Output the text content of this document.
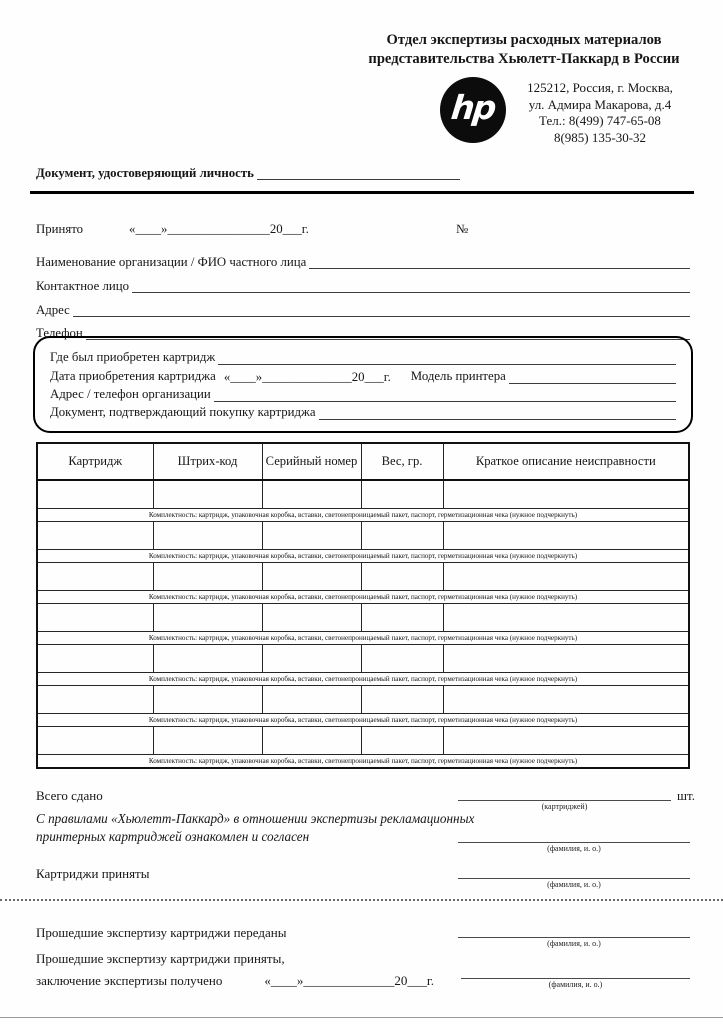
Отдел экспертизы расходных материалов
представительства Хьюлетт-Паккард в России
hp	125212, Россия, г. Москва,
ул. Адмира Макарова, д.4
Тел.: 8(499) 747-65-08
8(985) 135-30-32
Документ, удостоверяющий личность
Принято	«____»________________20___г.	№
Наименование организации / ФИО частного лица
Контактное лицо
Адрес
Телефон
Где был приобретен картридж
Дата приобретения картриджа «____»______________20___г. Модель принтера
Адрес / телефон организации
Документ, подтверждающий покупку картриджа
Картридж	Штрих-код	Серийный номер	Вес, гр.	Краткое описание неисправности

Комплектность: картридж, упаковочная коробка, вставки, светонепроницаемый пакет, паспорт, герметизационная чека (нужное подчеркнуть)				

Комплектность: картридж, упаковочная коробка, вставки, светонепроницаемый пакет, паспорт, герметизационная чека (нужное подчеркнуть)				

Комплектность: картридж, упаковочная коробка, вставки, светонепроницаемый пакет, паспорт, герметизационная чека (нужное подчеркнуть)				

Комплектность: картридж, упаковочная коробка, вставки, светонепроницаемый пакет, паспорт, герметизационная чека (нужное подчеркнуть)				

Комплектность: картридж, упаковочная коробка, вставки, светонепроницаемый пакет, паспорт, герметизационная чека (нужное подчеркнуть)				

Комплектность: картридж, упаковочная коробка, вставки, светонепроницаемый пакет, паспорт, герметизационная чека (нужное подчеркнуть)				

Комплектность: картридж, упаковочная коробка, вставки, светонепроницаемый пакет, паспорт, герметизационная чека (нужное подчеркнуть)				
Всего сдано
(картриджей)
шт.
С правилами «Хьюлетт-Паккард» в отношении экспертизы рекламационных
принтерных картриджей ознакомлен и согласен
(фамилия, и. о.)
Картриджи приняты
(фамилия, и. о.)
Прошедшие экспертизу картриджи переданы
(фамилия, и. о.)
Прошедшие экспертизу картриджи приняты,
заключение экспертизы получено	«____»______________20___г.	(фамилия, и. о.)
